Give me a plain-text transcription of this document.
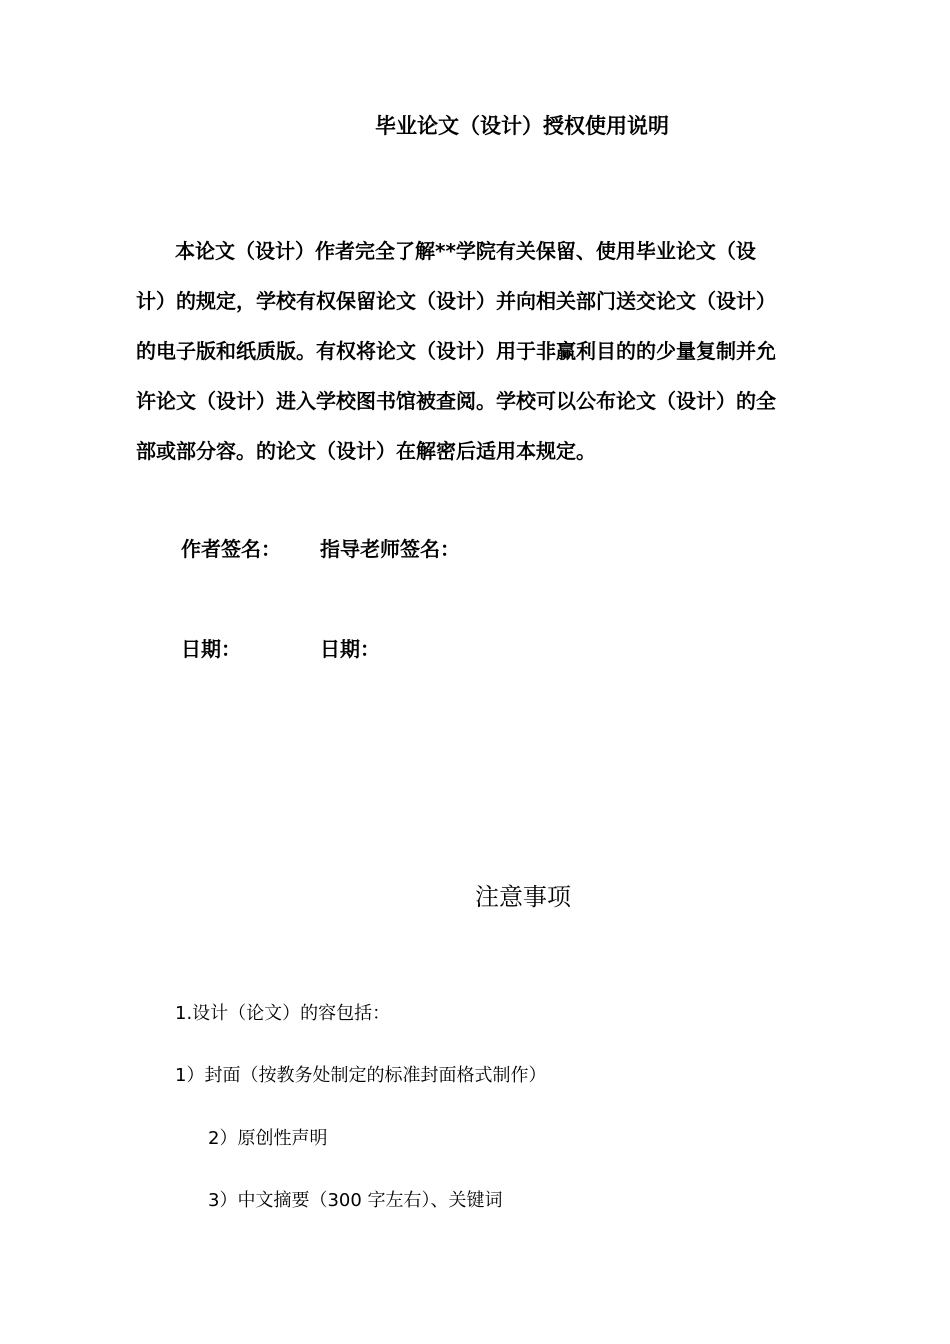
毕业论文（设计）授权使用说明
本论文（设计）作者完全了解**学院有关保留、使用毕业论文（设
计）的规定，学校有权保留论文（设计）并向相关部门送交论文（设计）
的电子版和纸质版。有权将论文（设计）用于非赢利目的的少量复制并允
许论文（设计）进入学校图书馆被查阅。学校可以公布论文（设计）的全
部或部分容。的论文（设计）在解密后适用本规定。
作者签名： 指导老师签名：
日期：	日期：
注意事项
1.设计（论文）的容包括：
1）封面（按教务处制定的标准封面格式制作）
2）原创性声明
3）中文摘要（300 字左右）、关键词
